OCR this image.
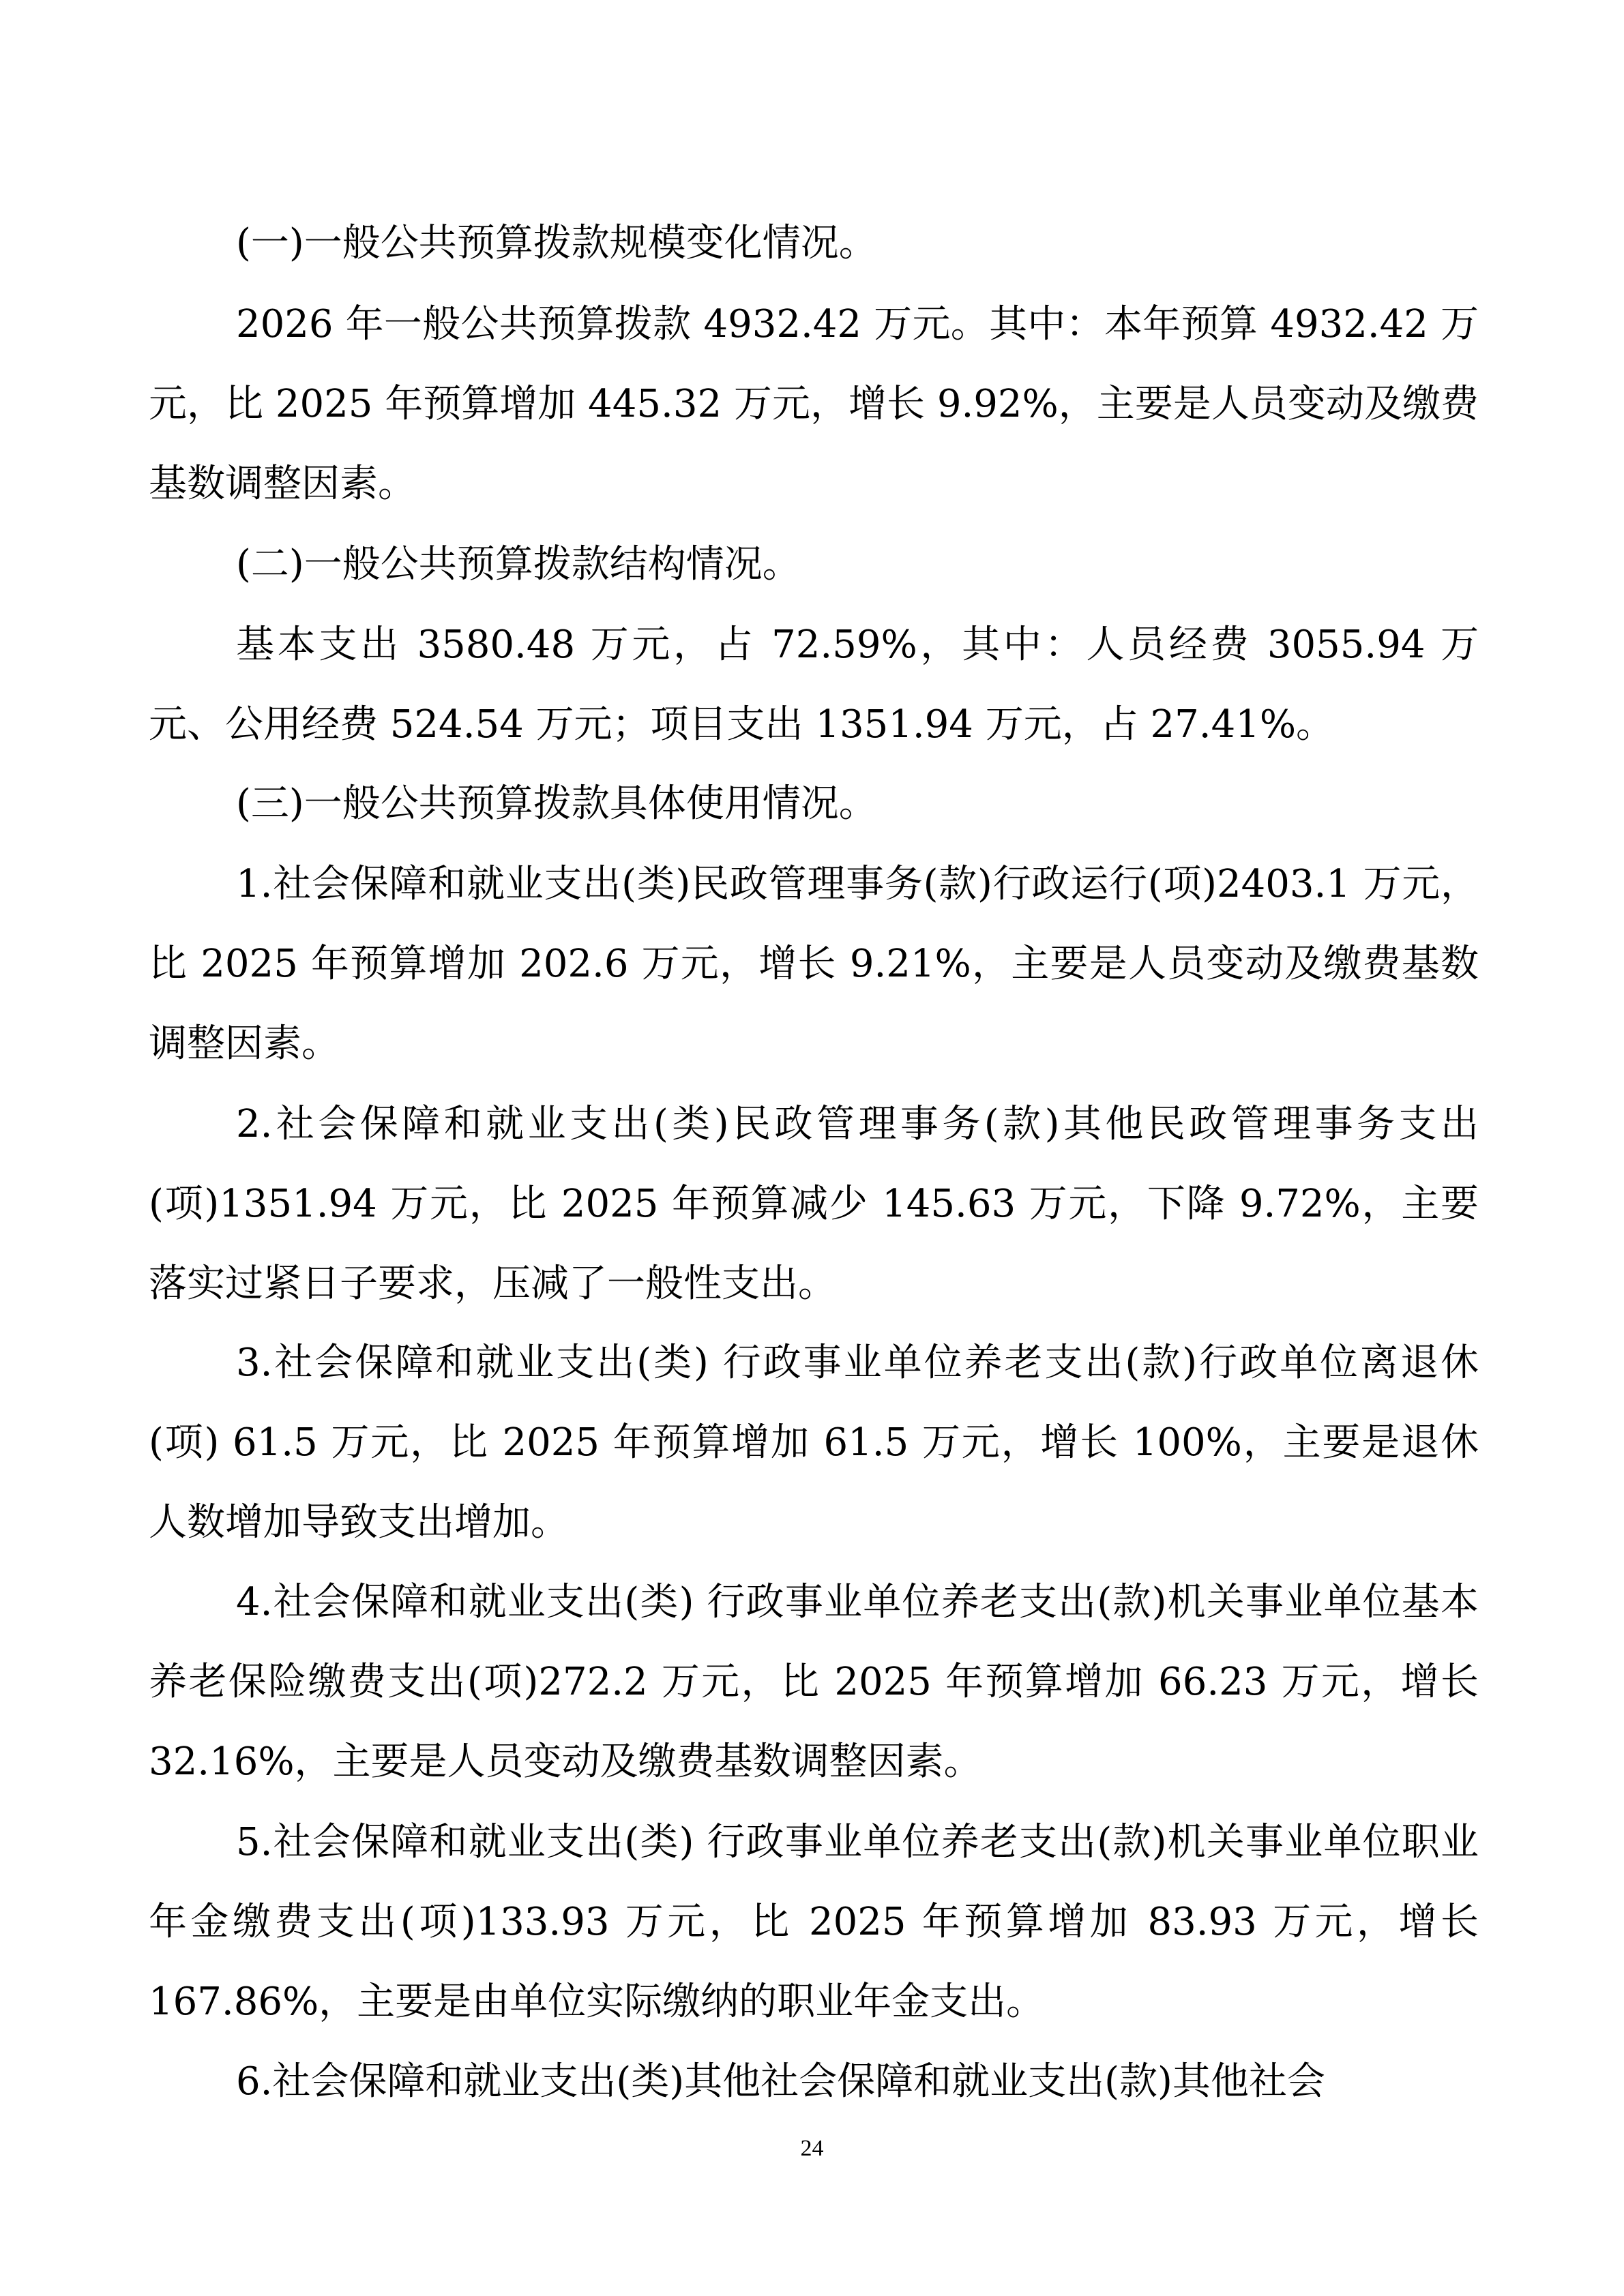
(一)一般公共预算拨款规模变化情况。

2026 年一般公共预算拨款 4932.42 万元。其中：本年预算 4932.42 万元，比 2025 年预算增加 445.32 万元，增长 9.92%，主要是人员变动及缴费基数调整因素。

(二)一般公共预算拨款结构情况。

基本支出 3580.48 万元，占 72.59%，其中：人员经费 3055.94 万元、公用经费 524.54 万元；项目支出 1351.94 万元，占 27.41%。

(三)一般公共预算拨款具体使用情况。

1.社会保障和就业支出(类)民政管理事务(款)行政运行(项)2403.1 万元，比 2025 年预算增加 202.6 万元，增长 9.21%，主要是人员变动及缴费基数调整因素。

2.社会保障和就业支出(类)民政管理事务(款)其他民政管理事务支出(项)1351.94 万元，比 2025 年预算减少 145.63 万元，下降 9.72%，主要落实过紧日子要求，压减了一般性支出。

3.社会保障和就业支出(类) 行政事业单位养老支出(款)行政单位离退休(项) 61.5 万元，比 2025 年预算增加 61.5 万元，增长 100%，主要是退休人数增加导致支出增加。

4.社会保障和就业支出(类) 行政事业单位养老支出(款)机关事业单位基本养老保险缴费支出(项)272.2 万元，比 2025 年预算增加 66.23 万元，增长 32.16%，主要是人员变动及缴费基数调整因素。

5.社会保障和就业支出(类) 行政事业单位养老支出(款)机关事业单位职业年金缴费支出(项)133.93 万元，比 2025 年预算增加 83.93 万元，增长 167.86%，主要是由单位实际缴纳的职业年金支出。

6.社会保障和就业支出(类)其他社会保障和就业支出(款)其他社会

24
